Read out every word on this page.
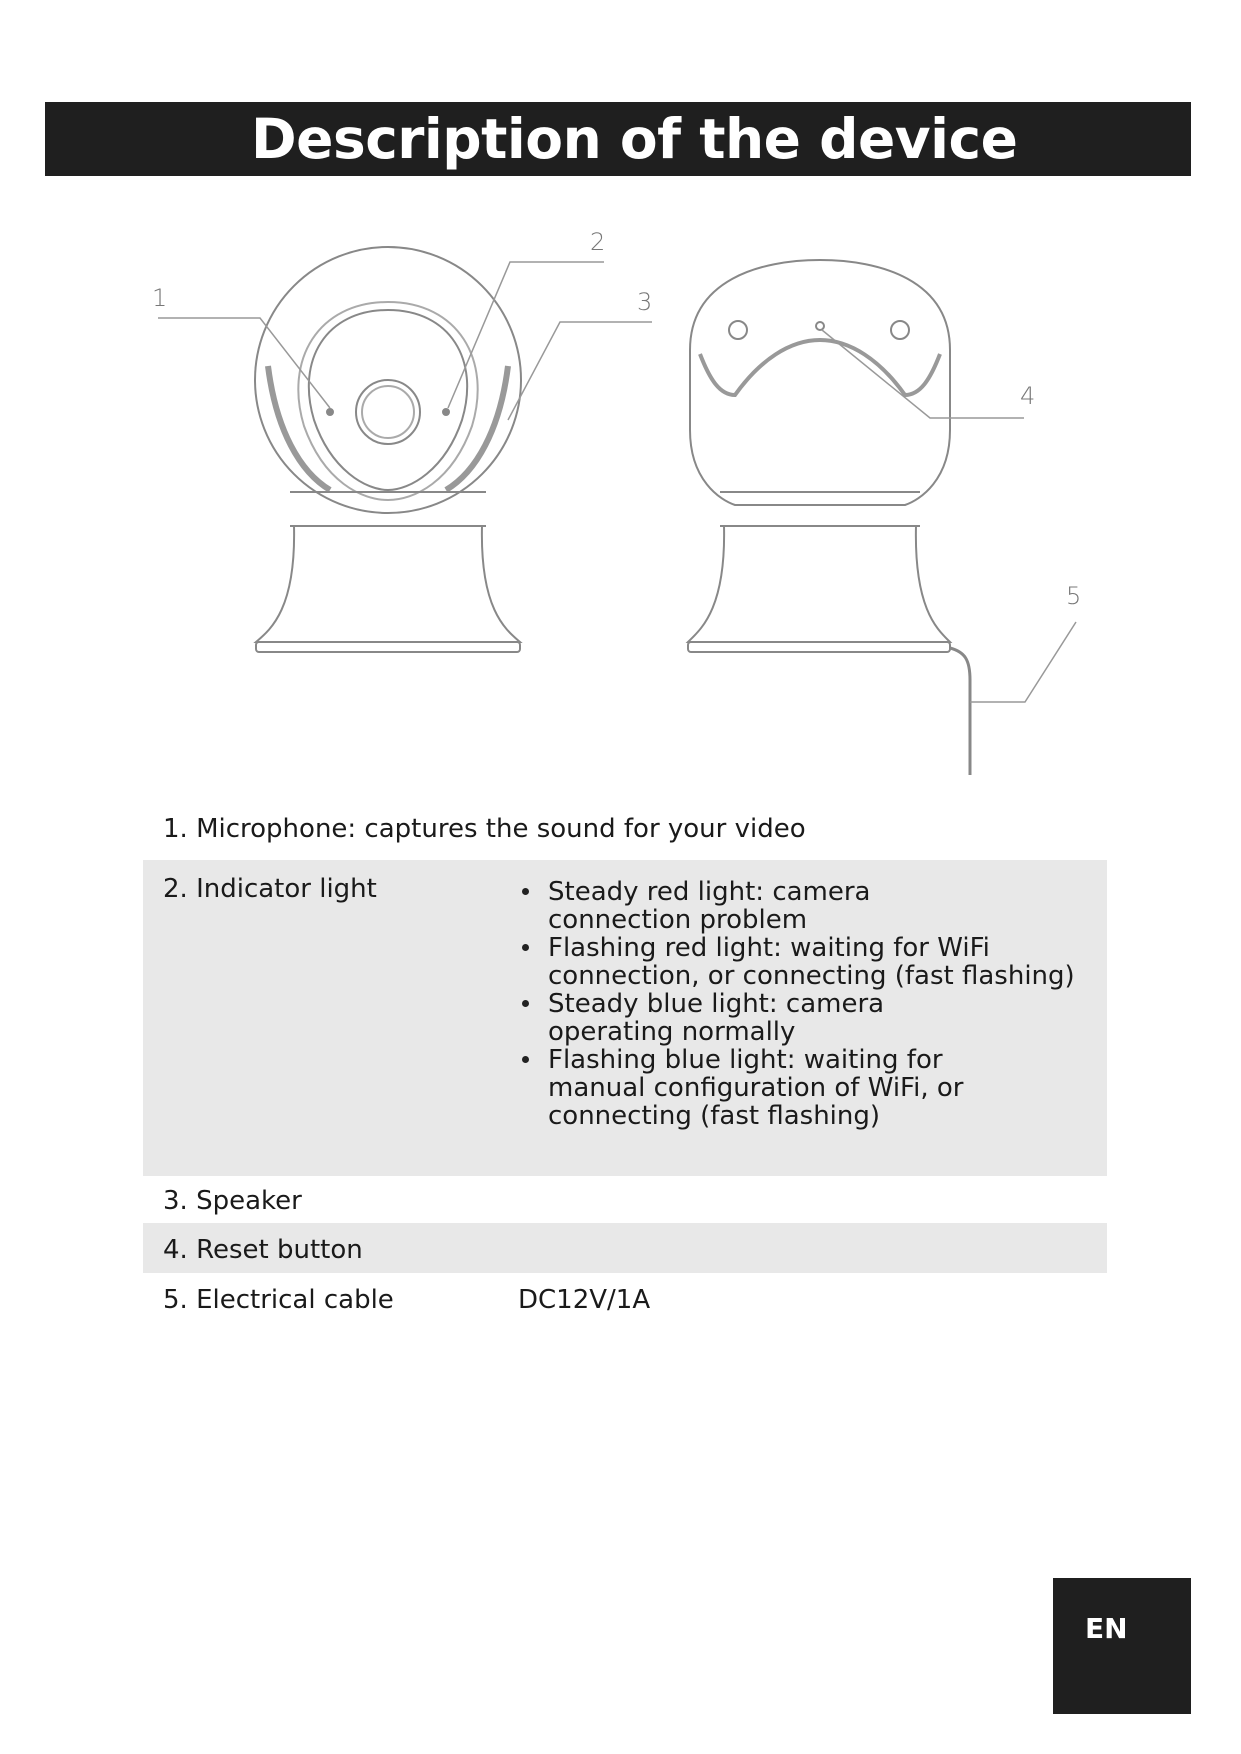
Description of the device
1
2
3
4
5
1. Microphone: captures the sound for your video
2. Indicator light	Steady red light: camera connection problem
Flashing red light: waiting for WiFi connection, or connecting (fast flashing)
Steady blue light: camera operating normally
Flashing blue light: waiting for manual configuration of WiFi, or connecting (fast flashing)
3. Speaker
4. Reset button
5. Electrical cable	DC12V/1A
EN
